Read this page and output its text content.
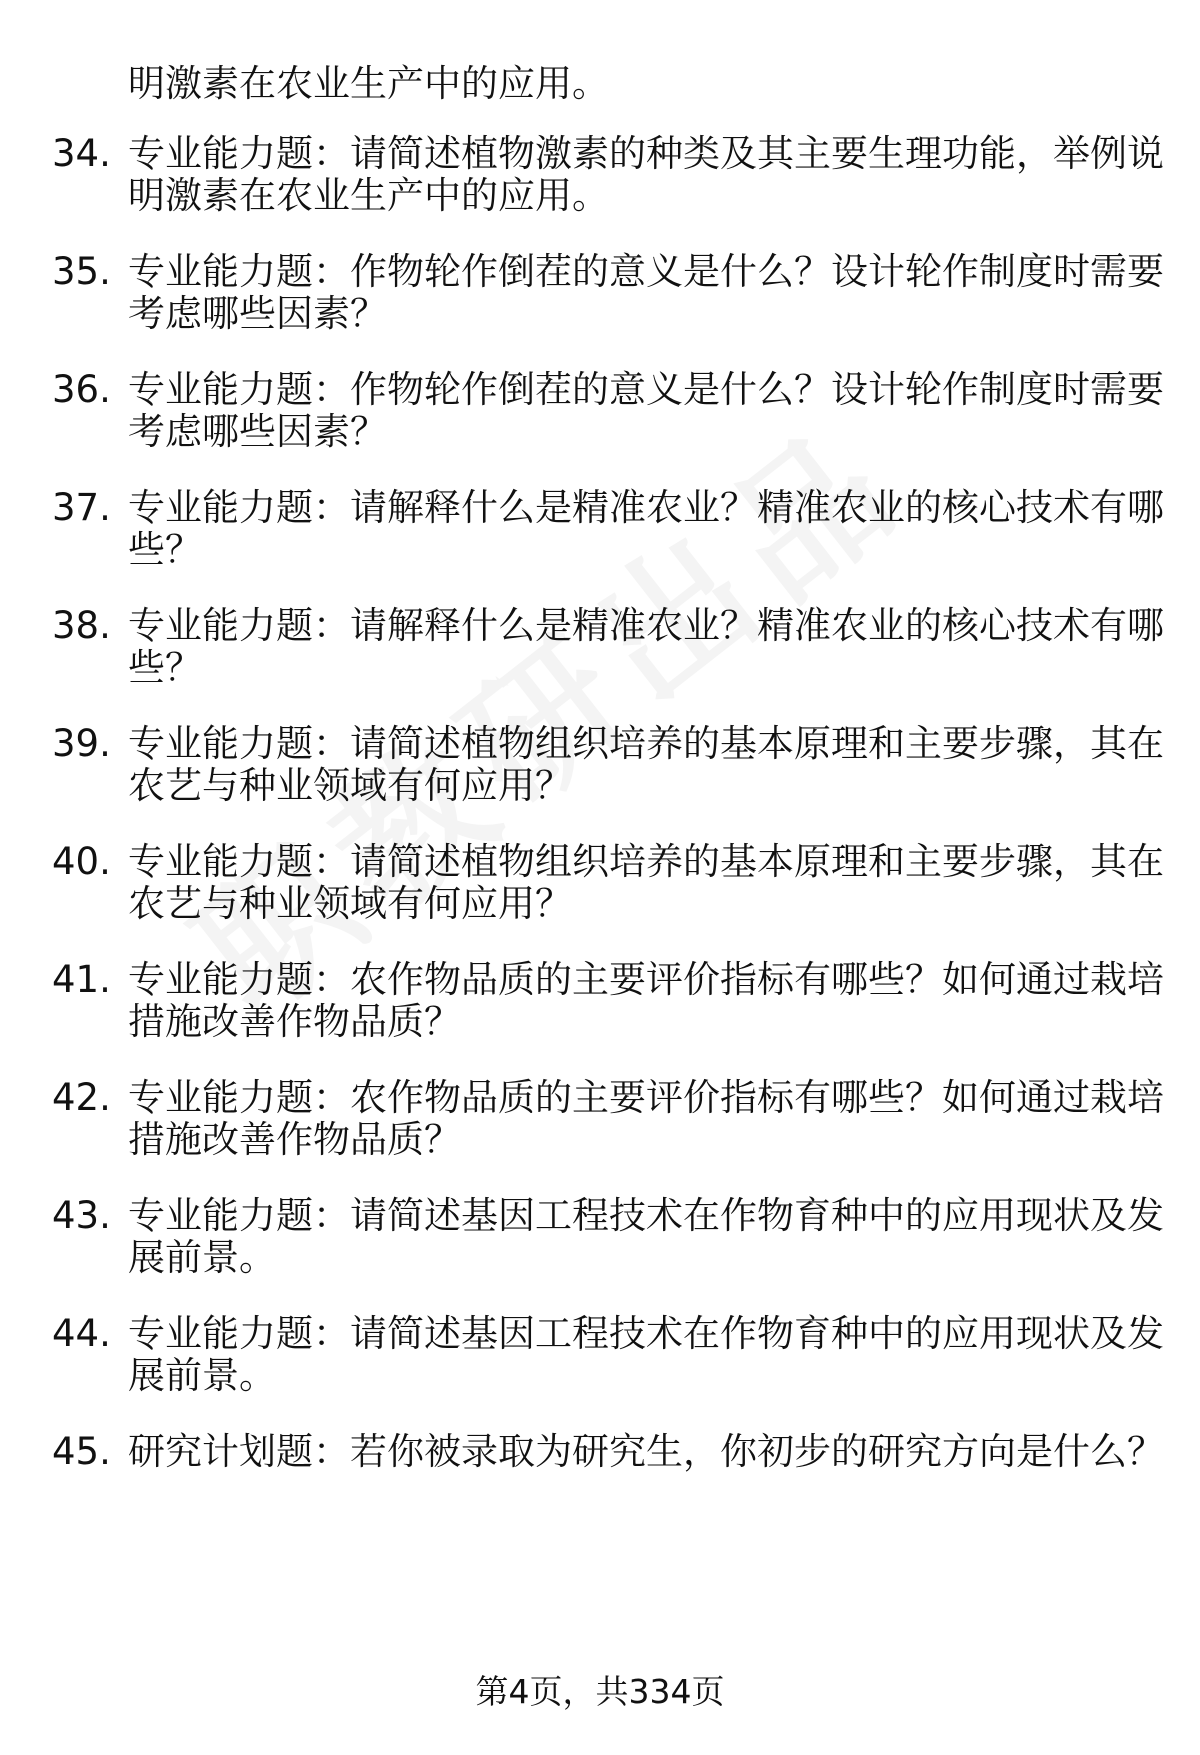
明激素在农业生产中的应用。
34. 专业能力题：请简述植物激素的种类及其主要生理功能，举例说
明激素在农业生产中的应用。
35. 专业能力题：作物轮作倒茬的意义是什么？设计轮作制度时需要
考虑哪些因素？
36. 专业能力题：作物轮作倒茬的意义是什么？设计轮作制度时需要
考虑哪些因素？
37. 专业能力题：请解释什么是精准农业？精准农业的核心技术有哪
些？
38. 专业能力题：请解释什么是精准农业？精准农业的核心技术有哪
些？
39. 专业能力题：请简述植物组织培养的基本原理和主要步骤，其在
农艺与种业领域有何应用？
40. 专业能力题：请简述植物组织培养的基本原理和主要步骤，其在
农艺与种业领域有何应用？
41. 专业能力题：农作物品质的主要评价指标有哪些？如何通过栽培
措施改善作物品质？
42. 专业能力题：农作物品质的主要评价指标有哪些？如何通过栽培
措施改善作物品质？
43. 专业能力题：请简述基因工程技术在作物育种中的应用现状及发
展前景。
44. 专业能力题：请简述基因工程技术在作物育种中的应用现状及发
展前景。
45. 研究计划题：若你被录取为研究生，你初步的研究方向是什么？
第4页，共334页
